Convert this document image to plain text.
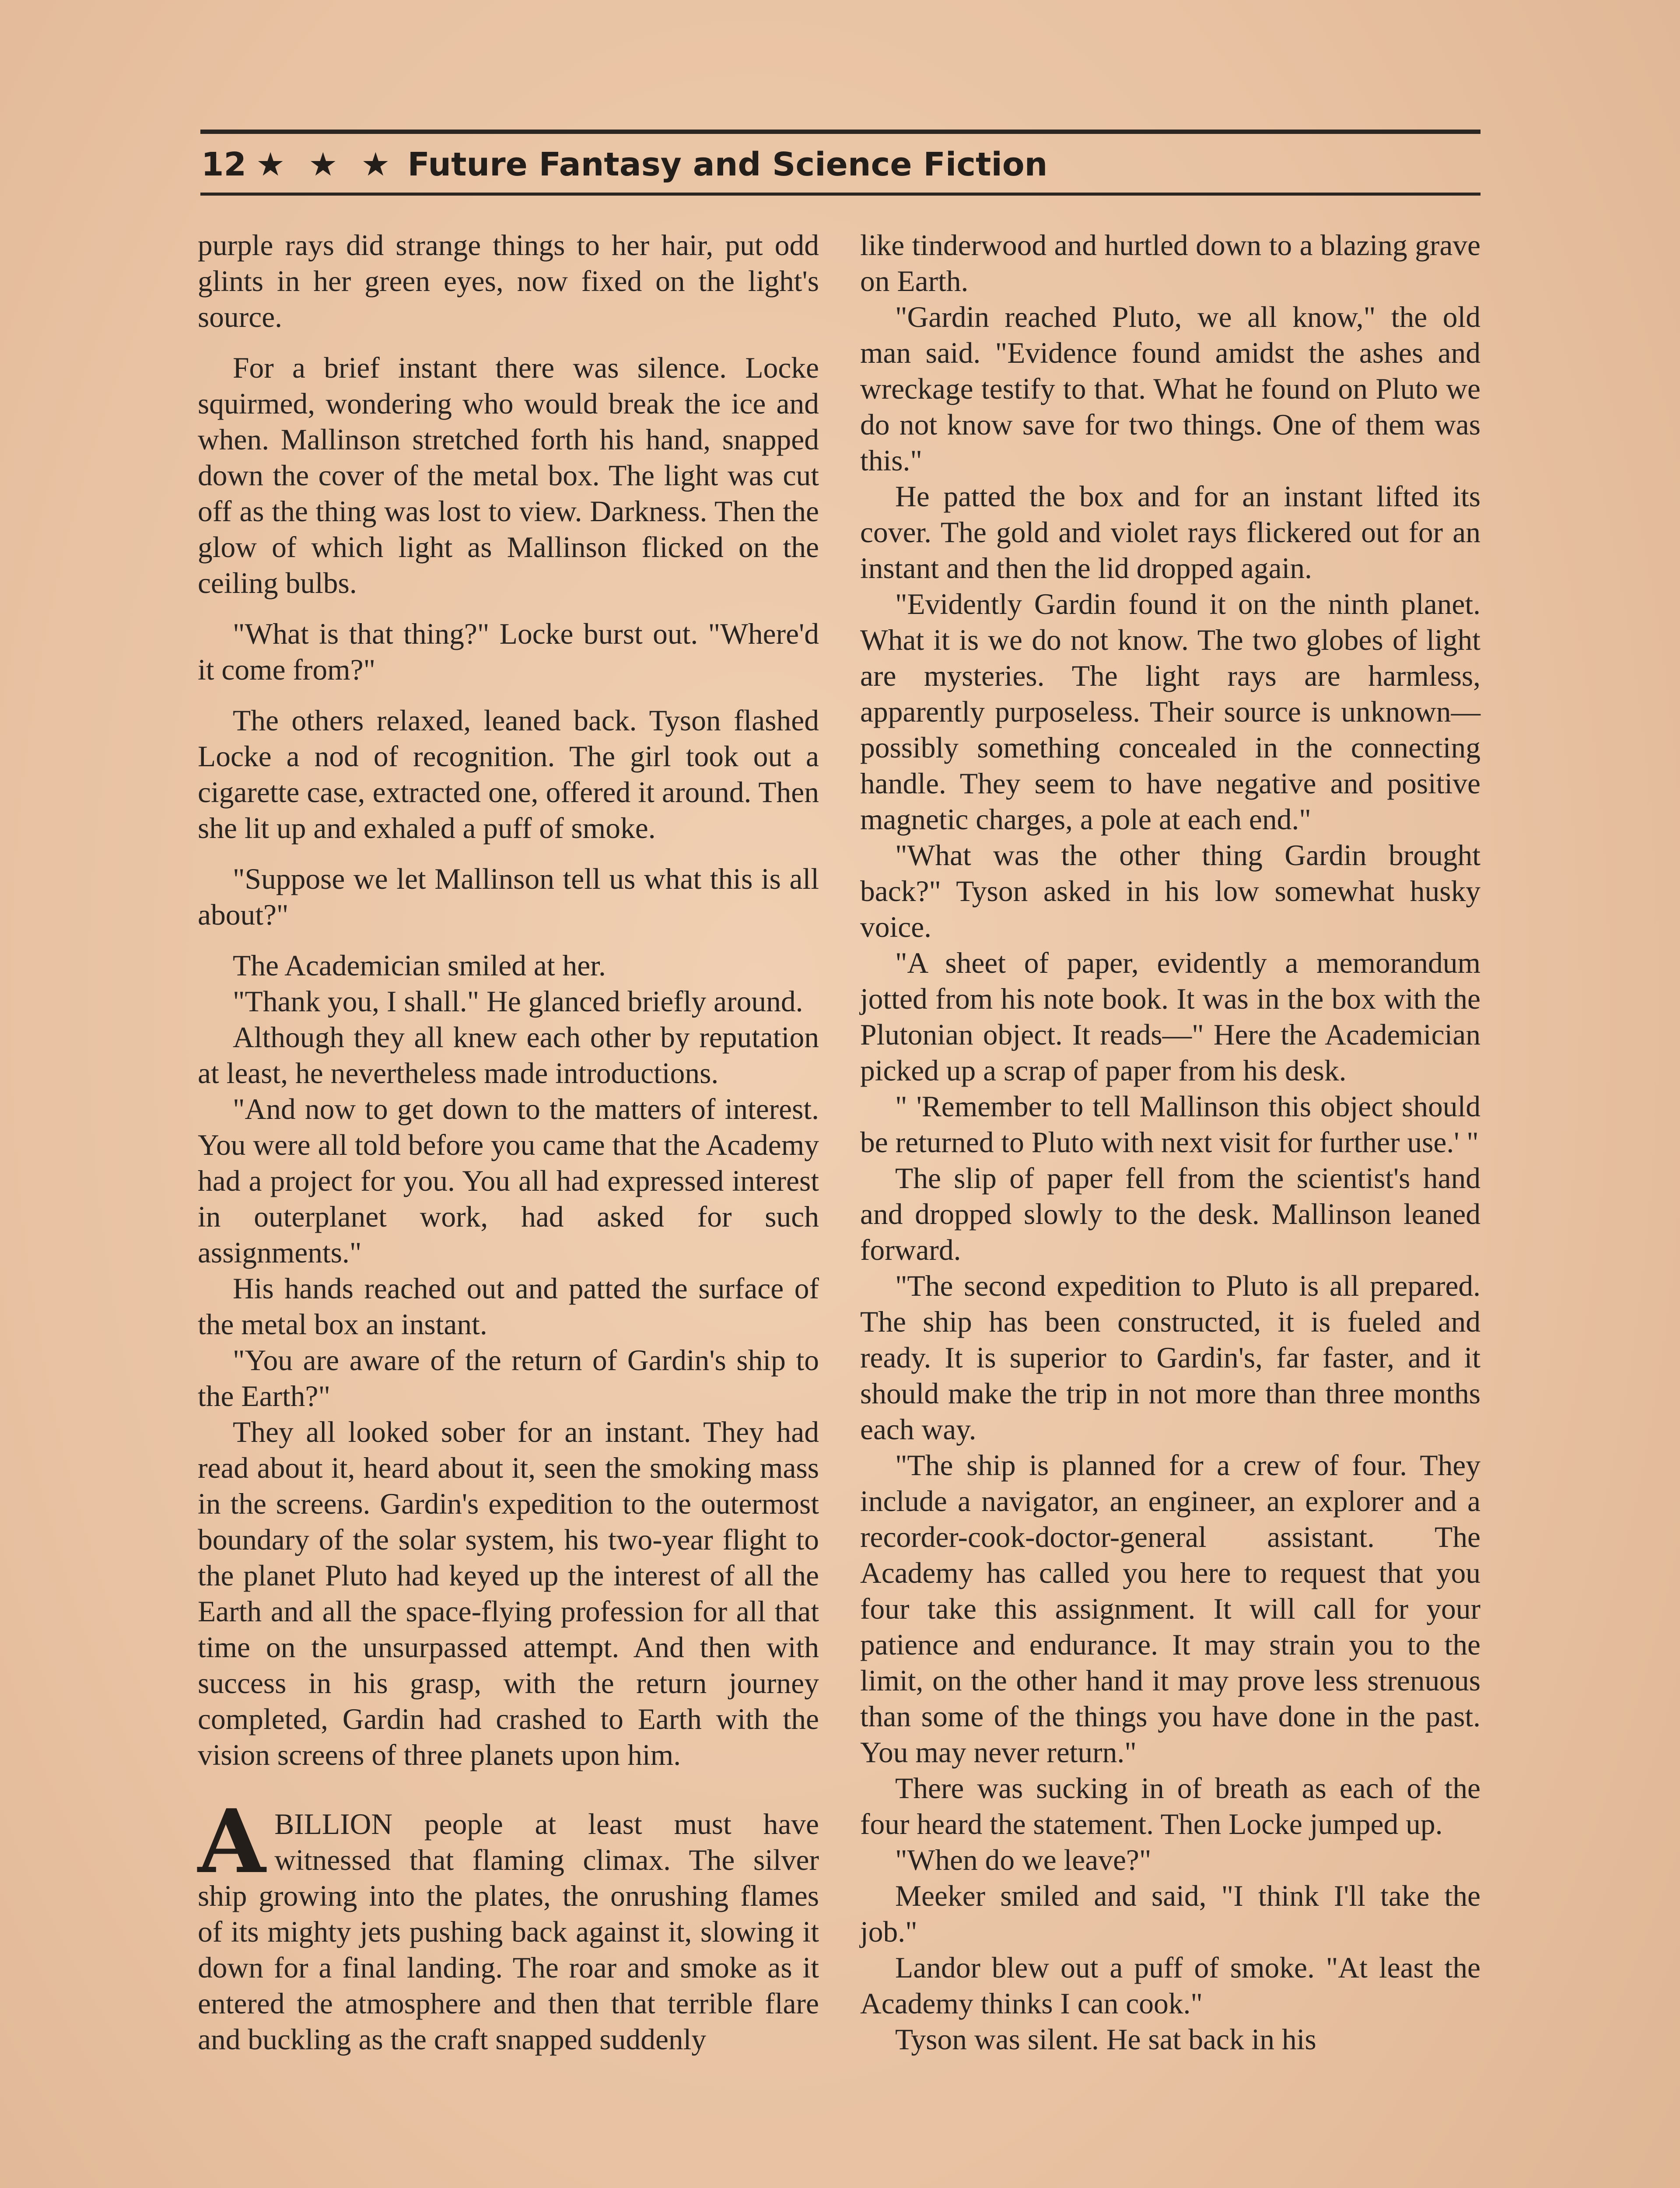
12 ★ ★ ★ Future Fantasy and Science Fiction

purple rays did strange things to her hair, put odd glints in her green eyes, now fixed on the light's source.

For a brief instant there was silence. Locke squirmed, wondering who would break the ice and when. Mallinson stretched forth his hand, snapped down the cover of the metal box. The light was cut off as the thing was lost to view. Darkness. Then the glow of which light as Mallinson flicked on the ceiling bulbs.

"What is that thing?" Locke burst out. "Where'd it come from?"

The others relaxed, leaned back. Tyson flashed Locke a nod of recognition. The girl took out a cigarette case, extracted one, offered it around. Then she lit up and exhaled a puff of smoke.

"Suppose we let Mallinson tell us what this is all about?"

The Academician smiled at her.

"Thank you, I shall." He glanced briefly around.

Although they all knew each other by reputation at least, he nevertheless made introductions.

"And now to get down to the matters of interest. You were all told before you came that the Academy had a project for you. You all had expressed interest in outerplanet work, had asked for such assignments."

His hands reached out and patted the surface of the metal box an instant.

"You are aware of the return of Gardin's ship to the Earth?"

They all looked sober for an instant. They had read about it, heard about it, seen the smoking mass in the screens. Gardin's expedition to the outermost boundary of the solar system, his two-year flight to the planet Pluto had keyed up the interest of all the Earth and all the space-flying profession for all that time on the unsurpassed attempt. And then with success in his grasp, with the return journey completed, Gardin had crashed to Earth with the vision screens of three planets upon him.

ABILLION people at least must have witnessed that flaming climax. The silver ship growing into the plates, the onrushing flames of its mighty jets pushing back against it, slowing it down for a final landing. The roar and smoke as it entered the atmosphere and then that terrible flare and buckling as the craft snapped suddenly

like tinderwood and hurtled down to a blazing grave on Earth.

"Gardin reached Pluto, we all know," the old man said. "Evidence found amidst the ashes and wreckage testify to that. What he found on Pluto we do not know save for two things. One of them was this."

He patted the box and for an instant lifted its cover. The gold and violet rays flickered out for an instant and then the lid dropped again.

"Evidently Gardin found it on the ninth planet. What it is we do not know. The two globes of light are mysteries. The light rays are harmless, apparently purposeless. Their source is unknown—possibly something concealed in the connecting handle. They seem to have negative and positive magnetic charges, a pole at each end."

"What was the other thing Gardin brought back?" Tyson asked in his low somewhat husky voice.

"A sheet of paper, evidently a memorandum jotted from his note book. It was in the box with the Plutonian object. It reads—" Here the Academician picked up a scrap of paper from his desk.

" 'Remember to tell Mallinson this object should be returned to Pluto with next visit for further use.' "

The slip of paper fell from the scientist's hand and dropped slowly to the desk. Mallinson leaned forward.

"The second expedition to Pluto is all prepared. The ship has been constructed, it is fueled and ready. It is superior to Gardin's, far faster, and it should make the trip in not more than three months each way.

"The ship is planned for a crew of four. They include a navigator, an engineer, an explorer and a recorder-cook-doctor-general assistant. The Academy has called you here to request that you four take this assignment. It will call for your patience and endurance. It may strain you to the limit, on the other hand it may prove less strenuous than some of the things you have done in the past. You may never return."

There was sucking in of breath as each of the four heard the statement. Then Locke jumped up.

"When do we leave?"

Meeker smiled and said, "I think I'll take the job."

Landor blew out a puff of smoke. "At least the Academy thinks I can cook."

Tyson was silent. He sat back in his
